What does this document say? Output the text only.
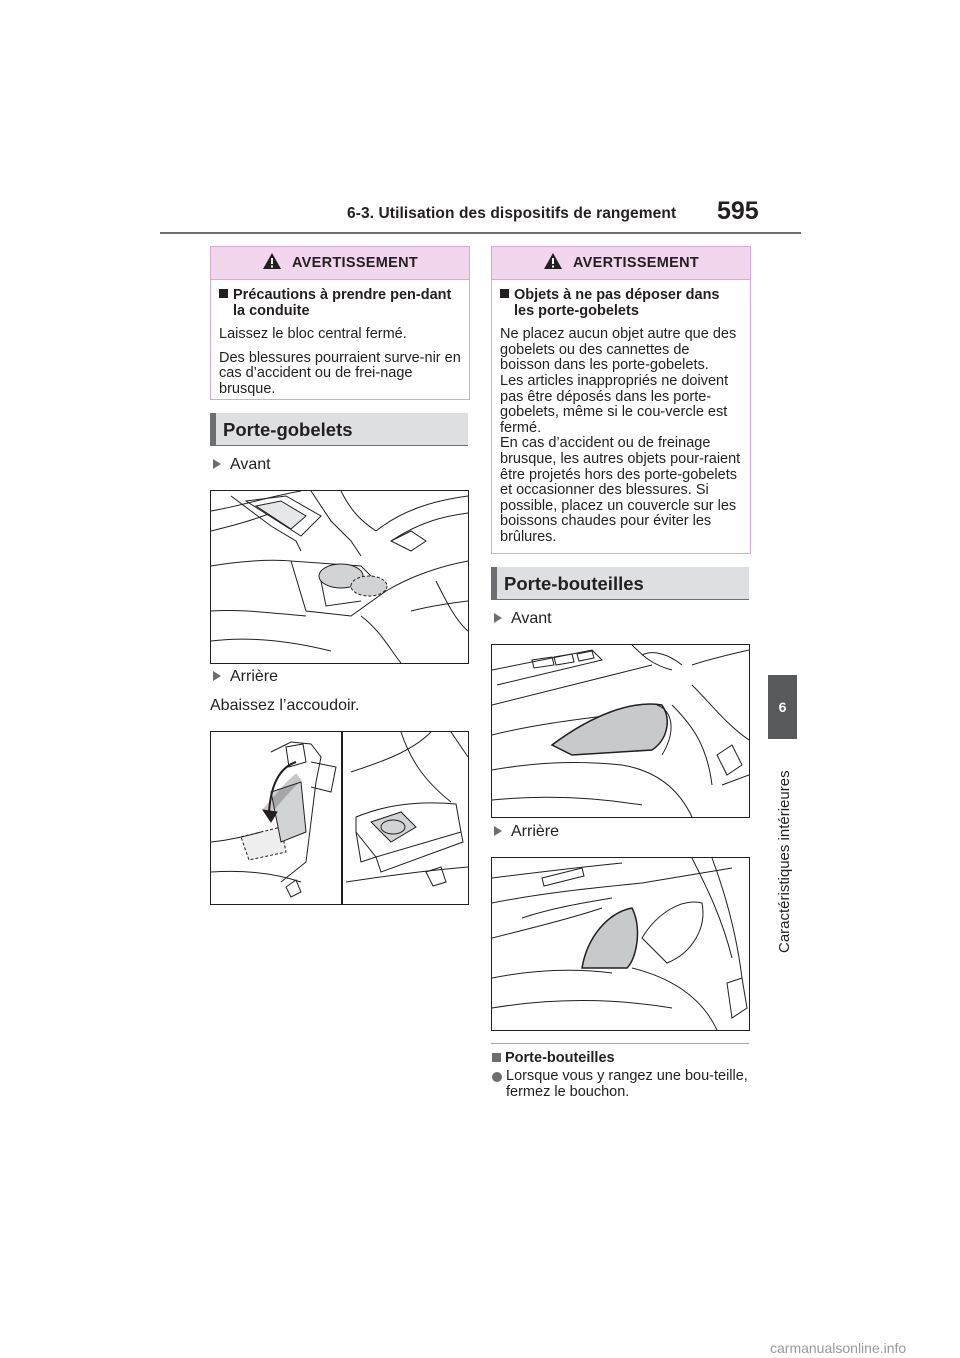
6-3. Utilisation des dispositifs de rangement 595
6
Caractéristiques intérieures
AVERTISSEMENT
Précautions à prendre pen-dant la conduite

Laissez le bloc central fermé.

Des blessures pourraient surve-nir en cas d’accident ou de frei-nage brusque.

Porte-gobelets
Avant
Arrière
Abaissez l’accoudoir.
AVERTISSEMENT
Objets à ne pas déposer dans les porte-gobelets

Ne placez aucun objet autre que des gobelets ou des cannettes de boisson dans les porte-gobelets.

Les articles inappropriés ne doivent pas être déposés dans les porte-gobelets, même si le cou-vercle est fermé.

En cas d’accident ou de freinage brusque, les autres objets pour-raient être projetés hors des porte-gobelets et occasionner des blessures. Si possible, placez un couvercle sur les boissons chaudes pour éviter les brûlures.

Porte-bouteilles
Avant
Arrière
Porte-bouteilles
Lorsque vous y rangez une bou-teille, fermez le bouchon.
carmanualsonline.info
